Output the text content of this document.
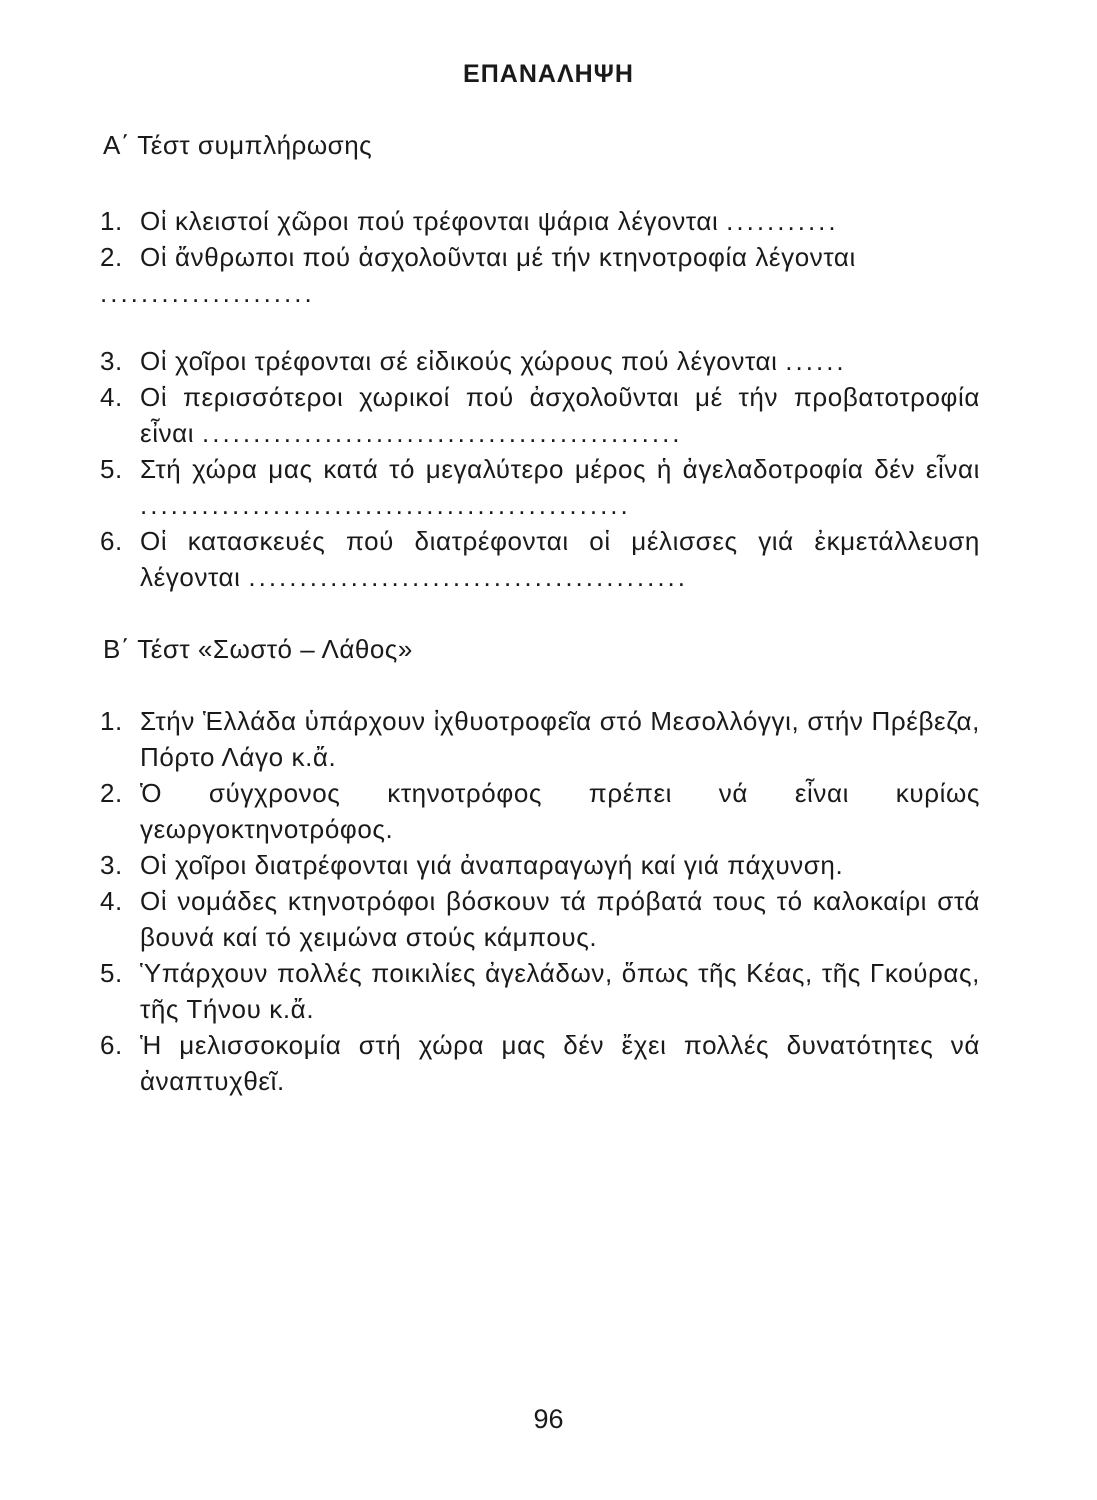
ΕΠΑΝΑΛΗΨΗ
Α΄ Τέστ συμπλήρωσης
1. Οἱ κλειστοί χῶροι πού τρέφονται ψάρια λέγονται ...........
2. Οἱ ἄνθρωποι πού ἀσχολοῦνται μέ τήν κτηνοτροφία λέγονται
.....................
3. Οἱ χοῖροι τρέφονται σέ εἰδικούς χώρους πού λέγονται ......
4. Οἱ περισσότεροι χωρικοί πού ἀσχολοῦνται μέ τήν προβατοτροφία εἶναι ...............................................
5. Στή χώρα μας κατά τό μεγαλύτερο μέρος ἡ ἀγελαδοτροφία δέν εἶναι ................................................
6. Οἱ κατασκευές πού διατρέφονται οἱ μέλισσες γιά ἐκμετάλλευση λέγονται ...........................................
Β΄ Τέστ «Σωστό – Λάθος»
1. Στήν Ἑλλάδα ὑπάρχουν ἰχθυοτροφεῖα στό Μεσολλόγγι, στήν Πρέβεζα, Πόρτο Λάγο κ.ἄ.
2. Ὁ σύγχρονος κτηνοτρόφος πρέπει νά εἶναι κυρίως γεωργοκτηνοτρόφος.
3. Οἱ χοῖροι διατρέφονται γιά ἀναπαραγωγή καί γιά πάχυνση.
4. Οἱ νομάδες κτηνοτρόφοι βόσκουν τά πρόβατά τους τό καλοκαίρι στά βουνά καί τό χειμώνα στούς κάμπους.
5. Ὑπάρχουν πολλές ποικιλίες ἀγελάδων, ὅπως τῆς Κέας, τῆς Γκούρας, τῆς Τήνου κ.ἄ.
6. Ἡ μελισσοκομία στή χώρα μας δέν ἔχει πολλές δυνατότητες νά ἀναπτυχθεῖ.
96
